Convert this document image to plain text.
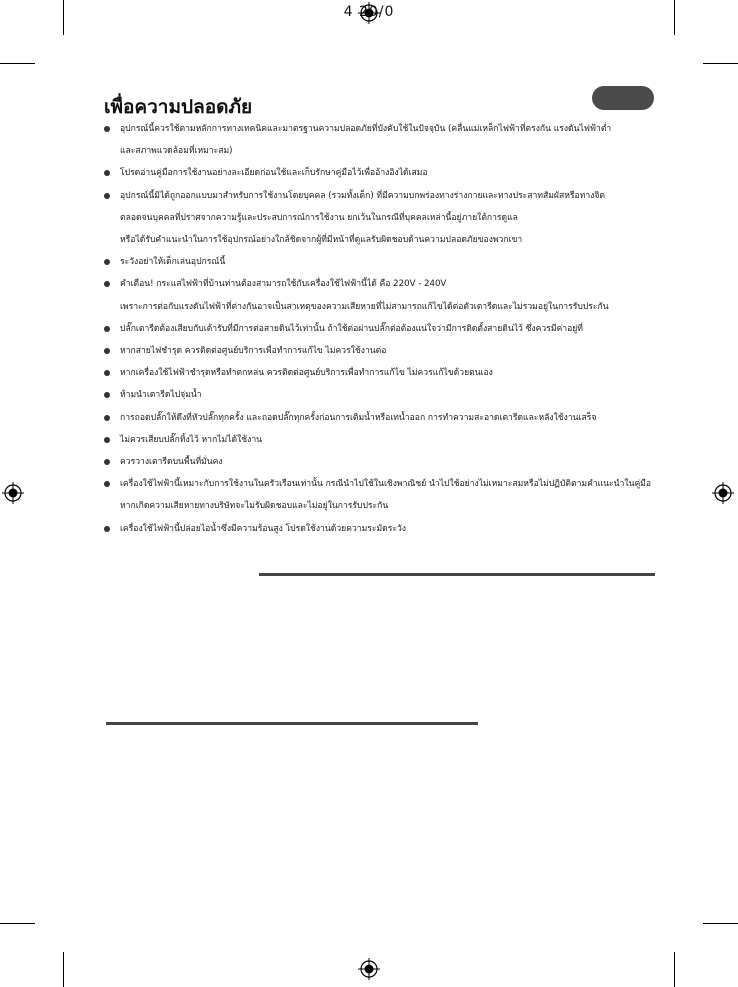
4 20/0
เพื่อความปลอดภัย
อุปกรณ์นี้ควรใช้ตามหลักการทางเทคนิคและมาตรฐานความปลอดภัยที่บังคับใช้ในปัจจุบัน (คลื่นแม่เหล็กไฟฟ้าที่ตรงกัน แรงดันไฟฟ้าต่ำ
และสภาพแวดล้อมที่เหมาะสม)
โปรดอ่านคู่มือการใช้งานอย่างละเอียดก่อนใช้และเก็บรักษาคู่มือไว้เพื่ออ้างอิงได้เสมอ
อุปกรณ์นี้มิได้ถูกออกแบบมาสำหรับการใช้งานโดยบุคคล (รวมทั้งเด็ก) ที่มีความบกพร่องทางร่างกายและทางประสาทสัมผัสหรือทางจิต
ตลอดจนบุคคลที่ปราศจากความรู้และประสบการณ์การใช้งาน ยกเว้นในกรณีที่บุคคลเหล่านี้อยู่ภายใต้การดูแล
หรือได้รับคำแนะนำในการใช้อุปกรณ์อย่างใกล้ชิดจากผู้ที่มีหน้าที่ดูแลรับผิดชอบด้านความปลอดภัยของพวกเขา
ระวังอย่าให้เด็กเล่นอุปกรณ์นี้
คำเตือน! กระแสไฟฟ้าที่บ้านท่านต้องสามารถใช้กับเครื่องใช้ไฟฟ้านี้ได้ คือ 220V - 240V
เพราะการต่อกับแรงดันไฟฟ้าที่ต่างกันอาจเป็นสาเหตุของความเสียหายที่ไม่สามารถแก้ไขได้ต่อตัวเตารีดและไม่รวมอยู่ในการรับประกัน
ปลั๊กเตารีดต้องเสียบกับเต้ารับที่มีการต่อสายดินไว้เท่านั้น ถ้าใช้ต่อผ่านปลั๊กต่อต้องแน่ใจว่ามีการติดตั้งสายดินไว้ ซึ่งควรมีค่าอยู่ที่
หากสายไฟชำรุด ควรติดต่อศูนย์บริการเพื่อทำการแก้ไข ไม่ควรใช้งานต่อ
หากเครื่องใช้ไฟฟ้าชำรุดหรือทำตกหล่น ควรติดต่อศูนย์บริการเพื่อทำการแก้ไข ไม่ควรแก้ไขด้วยตนเอง
ห้ามนำเตารีดไปจุ่มน้ำ
การถอดปลั๊กให้ดึงที่หัวปลั๊กทุกครั้ง และถอดปลั๊กทุกครั้งก่อนการเติมน้ำหรือเทน้ำออก การทำความสะอาดเตารีดและหลังใช้งานเสร็จ
ไม่ควรเสียบปลั๊กทิ้งไว้ หากไม่ได้ใช้งาน
ควรวางเตารีดบนพื้นที่มั่นคง
เครื่องใช้ไฟฟ้านี้เหมาะกับการใช้งานในครัวเรือนเท่านั้น กรณีนำไปใช้ในเชิงพาณิชย์ นำไปใช้อย่างไม่เหมาะสมหรือไม่ปฏิบัติตามคำแนะนำในคู่มือ
หากเกิดความเสียหายทางบริษัทจะไม่รับผิดชอบและไม่อยู่ในการรับประกัน
เครื่องใช้ไฟฟ้านี้ปล่อยไอน้ำซึ่งมีความร้อนสูง โปรดใช้งานด้วยความระมัดระวัง
